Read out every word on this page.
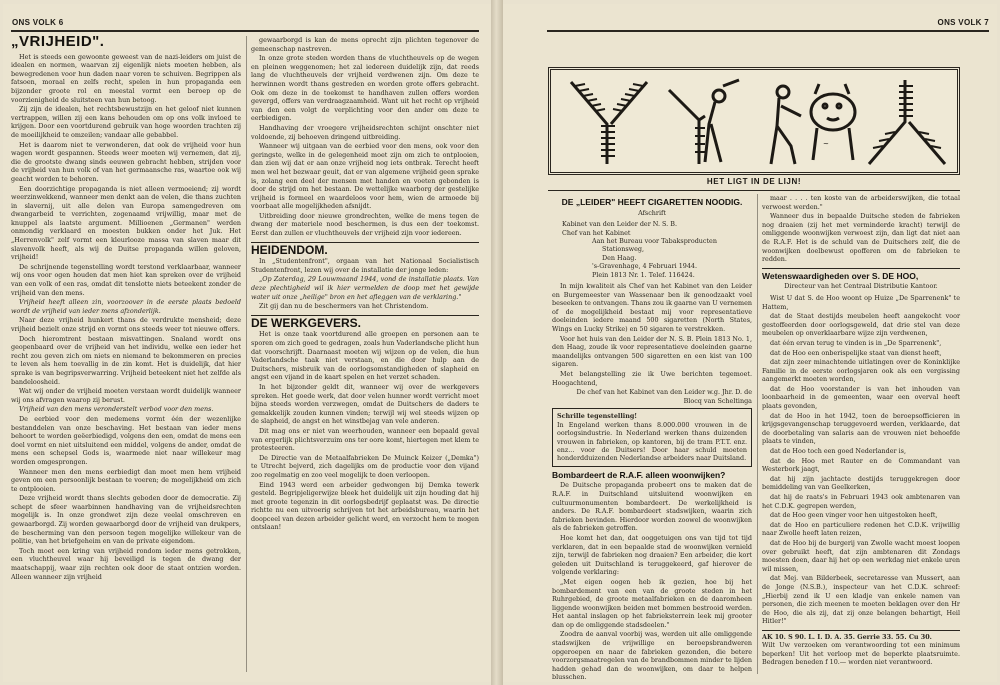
ONS VOLK 6
„VRIJHEID".

Het is steeds een gewoonte geweest van de nazi-leiders om juist de idealen en normen, waarvan zij eigenlijk niets moeten hebben, als bewegredenen voor hun daden naar voren te schuiven. Begrippen als fatsoen, moraal en zelfs recht, spelen in hun propaganda een bijzonder groote rol en meestal vormt een beroep op de voorzienigheid de sluitsteen van hun betoog.

Zij zijn de idealen, het rechtsbewustzijn en het geloof niet kunnen vertrappen, willen zij een kans behouden om op ons volk invloed te krijgen. Door een voortdurend gebruik van hoge woorden trachten zij de moeilijkheid te omzeilen; vandaar alle gebabbel.

Het is daarom niet te verwonderen, dat ook de vrijheid voor hun wagen wordt gespannen. Steeds weer moeten wij vernemen, dat zij, die de grootste dwang sinds eeuwen gebracht hebben, strijden voor de vrijheid van hun volk of van het germaansche ras, waartoe ook wij geacht worden te behoren.

Een doorzichtige propaganda is niet alleen vermoeiend; zij wordt weerzinwekkend, wanneer men denkt aan de velen, die thans zuchten in slavernij, uit alle delen van Europa samengedreven om dwangarbeid te verrichten, zogenaamd vrijwillig, maar met de knuppel als laatste argument. Millioenen „Germanen" werden onmondig verklaard en moesten bukken onder het Juk. Het „Herrenvolk" zelf vormt een kleurlooze massa van slaven maar dit slavenvolk heeft, als wij de Duitse propaganda willen geloven, vrijheid!

De schrijnende tegenstelling wordt terstond verklaarbaar, wanneer wij ons voor ogen houden dat men hiet kan spreken over de vrijheid van een volk of een ras, omdat dit tenslotte niets beteekent zonder de vrijheid van den mens.

Vrijheid heeft alleen zin, voorzoover in de eerste plaats bedoeld wordt de vrijheid van ieder mens afzonderlijk.

Naar deze vrijheid hunkert thans de verdrukte mensheid; deze vrijheid bezielt onze strijd en vormt ons steeds weer tot nieuwe offers.

Doch hieromtrent bestaan misvattingen. Snaland wordt ons geopenbaard over de vrijheid van het individu, welke een ieder het recht zou geven zich om niets en niemand te bekommeren en precies te leven als hem toevallig in de zin komt. Het is duidelijk, dat hier sprake is van begripsverwarring. Vrijheid beteekent niet het zelfde als bandeloosheid.

Wat wij onder de vrijheid moeten verstaan wordt duidelijk wanneer wij ons afvragen waarop zij berust.

Vrijheid van den mens veronderstelt verbod voor den mens.

De eerbied voor den medemens vormt één der wezenlijke bestanddelen van onze beschaving. Het bestaan van ieder mens behoort te worden geëerbiedigd, volgens den een, omdat de mens een doel vormt en niet uitsluitend een middel, volgens de ander, omdat de mens een schepsel Gods is, waarmede niet naar willekeur mag worden omgesprongen.

Wanneer men den mens eerbiedigt dan moet men hem vrijheid geven om een persoonlijk bestaan te voeren; de mogelijkheid om zich te ontplooien.

Deze vrijheid wordt thans slechts geboden door de democratie. Zij schept de sfeer waarbinnen handhaving van de vrijheidsrechten mogelijk is. In onze grondwet zijn deze veelal omschreven en gewaarborgd. Zij worden gewaarborgd door de vrijheid van drukpers, de bescherming van den persoon tegen mogelijke willekeur van de politie, van het briefgeheim en van de private eigendom.

Toch moet een kring van vrijheid rondom ieder mens getrokken, een vluchtheuvel waar hij beveiligd is tegen de dwang der maatschappij, waar zijn rechten ook door de staat ontzien worden. Alleen wanneer zijn vrijheid

gewaarborgd is kan de mens oprecht zijn plichten tegenover de gemeenschap nastreven.

In onze grote steden worden thans de vluchtheuvels op de wegen en pleinen weggenomen; het zal iedereen duidelijk zijn, dat reeds lang de vluchtheuvels der vrijheid verdwenen zijn. Om deze te herwinnen wordt thans gestreden en worden grote offers gebracht. Ook om deze in de toekomst te handhaven zullen offers worden gevergd, offers van verdraagzaamheid. Want uit het recht op vrijheid van den een volgt de verplichting voor den ander om deze te eerbiedigen.

Handhaving der vroegere vrijheidsrechten schijnt onschter niet voldoende, zij behoeven dringend uitbreiding.

Wanneer wij uitgaan van de eerbied voor den mens, ook voor den geringste, welke in de gelegenheid moet zijn om zich te ontplooien, dan zien wij dat er aan onze vrijheid nog iets ontbrak. Terecht heeft men wel het bezwaar geuit, dat er van algemene vrijheid geen sprake is, zolang een deel der mensen met handen en voeten gebonden is door de strijd om het bestaan. De wettelijke waarborg der gestelijke vrijheid is formeel en waardeloos voor hem, wien de armoede bij voorbaat alle mogelijkheden afsnijdt.

Uitbreiding door nieuwe grondrechten, welke de mens tegen de dwang der materiele nood beschermen, is dus een der toekomst. Eerst dan zullen er vluchtheuvels der vrijheid zijn voor iedereen.

HEIDENDOM.

In „Studentenfront", orgaan van het Nationaal Socialistisch Studentenfront, lezen wij over de installatie der jonge leden:

„Op Zaterdag, 29 Louwmaand 1944, vond de installatie plaats. Van deze plechtigheid wil ik hier vermelden de doop met het gewijde water uit onze „heilige" bron en het afleggen van de verklaring."

Zit gij dan nu de beschermers van het Christendom.

DE WERKGEVERS.

Het is onze taak voortdurend alle groepen en personen aan te sporen om zich goed te gedragen, zoals hun Vaderlandsche plicht hun dat voorschrijft. Daarnaast moeten wij wijzen op de velen, die hun Vaderlandsche taak niet verstaan, en die door hulp aan de Duitschers, misbruik van de oorlogsomstandigheden of slapheid en angst een vijand in de kaart spelen en het verzet schaden.

In het bijzonder geldt dit, wanneer wij over de werkgevers spreken. Het goede werk, dat door velen hunner wordt verricht moet bijna steeds worden verzwegen, omdat de Duitschers de daders te gemakkelijk zouden kunnen vinden; terwijl wij wel steeds wijzen op de slapheid, de angst en het winstbejag van vele anderen.

Dit mag ons er niet van weerhouden, wanneer een bepaald geval van ergerlijk plichtsverzuim ons ter oore komt, hiertegen met klem te protesteeren.

De Directie van de Metaalfabrieken De Muinck Keizer („Demka") te Utrecht bejverd, zich dagelijks om de productie voor den vijand zoo regelmatig en zoo veel mogelijk te doen verloopen.

Eind 1943 werd een arbeider gedwongen bij Demka tewerk gesteld. Begripjeligerwijze bleek het duidelijk uit zijn houding dat hij met groote tegenzin in dit oorlogsbedrijf geplaatst was. De directie richtte nu een uitvoerig schrijven tot het arbeidsbureau, waarin het doopceel van dezen arbeider gelicht werd, en verzocht hem te mogen ontslaan!

ONS VOLK 7
~
HET LIGT IN DE LIJN!
DE „LEIDER" HEEFT CIGARETTEN NOODIG.
Afschrift
Kabinet van den Leider der N. S. B.
Chef van het Kabinet
Aan het Bureau voor Tabaksproducten
Stationsweg,
Den Haag.
's-Gravenhage, 4 Februari 1944.
Plein 1813 Nr. 1. Telef. 116424.

In mijn kwaliteit als Chef van het Kabinet van den Leider en Burgemeester van Wassenaar ben ik genoodzaakt voel beseeken te ontvangen. Thans zou ik gaarne van U vernemen of de mogelijkheid bestaat mij voor representatieve doeleinden iedere maand 500 sigaretten (North States, Wings en Lucky Strike) en 50 sigaren te verstrekken.

Voor het huis van den Leider der N. S. B. Plein 1813 No. 1, den Haag, zoude ik voor representatieve doeleinden gaarne maandelijks ontvangen 500 sigaretten en een kist van 100 sigaren.

Met belangstelling zie ik Uwe berichten tegemoet. Hoogachtend,

De chef van het Kabinet van den Leider w.g. Jhr. D. de Blocq van Scheltinga

Schrille tegenstelling!
In Engeland werken thans 8.000.000 vrouwen in de oorlogsindustrie. In Nederland werken thans duizenden vrouwen in fabrieken, op kantoren, bij de tram P.T.T. enz. enz... voor de Duitsers! Door haar schuld moeten honderdduizenden Nederlandse arbeiders naar Duitsland.
Bombardeert de R.A.F. alleen woonwijken?

De Duitsche propaganda probeert ons te maken dat de R.A.F. in Duitschland uitsluitend woonwijken en cultuurmonumenten bombardeert. De werkelijkheid is anders. De R.A.F. bombardeert stadswijken, waarin zich fabrieken bevinden. Hierdoor worden zoowel de woonwijken als de fabrieken getroffen.

Hoe komt het dan, dat ooggetuigen ons van tijd tot tijd verklaren, dat in een bepaalde stad de woonwijken vernield zijn, terwijl de fabrieken nog draaien? Een arbeider, die kort geleden uit Duitschland is teruggekeerd, gaf hierover de volgende verklaring:

„Met eigen oogen heb ik gezien, hoe bij het bombardement van een van de groote steden in het Ruhrgebied, de groote metaalfabrieken en de daaromheen liggende woonwijken beiden met bommen bestrooid werden. Het aantal inslagen op het fabrieksterrein leek mij grooter dan op de omliggende stadsdeelen."

Zoodra de aanval voorbij was, werden uit alle omliggende stadswijken de vrijwillige en beroepsbrandweren opgeroepen en naar de fabrieken gezonden, die betere voorzorgsmaatregelen van de brandbommen minder te lijden hadden gehad dan de woonwijken, om daar te helpen blusschen.

maar . . . . ten koste van de arbeiderswijken, die totaal verwoest werden."

Wanneer dus in bepaalde Duitsche steden de fabrieken nog draaien (zij het met verminderde kracht) terwijl de omliggende woonwijken verwoest zijn, dan ligt dat niet aan de R.A.F. Het is de schuld van de Duitschers zelf, die de woonwijken doelbewust opofferen om de fabrieken te redden.

Wetenswaardigheden over S. DE HOO,
Directeur van het Centraal Distributie Kantoor.

Wist U dat S. de Hoo woont op Huize „De Sparrenenk" te Hattem,

dat de Staat destijds meubelen heeft aangekocht voor gestoffeerden door oorlogsgeweld, dat drie stel van deze meubelen op onverklaarbare wijze zijn verdwenen,

dat één ervan terug te vinden is in „De Sparrenenk",

dat de Hoo een onberispelijke staat van dienst heeft,

dat zijn zeer minachtende uitlatingen over de Koninklijke Familie in de eerste oorlogsjaren ook als een vergissing aangemerkt moeten worden,

dat de Hoo voorstander is van het inhouden van loonbaarheid in de gemeenten, waar een overval heeft plaats gevonden,

dat de Hoo in het 1942, toen de beroepsofficieren in krijgsgevangenschap teruggevoerd werden, verklaarde, dat de doorbetaling van salaris aan de vrouwen niet behoefde plaats te vinden,

dat de Hoo toch een goed Nederlander is,

dat de Hoo met Rauter en de Commandant van Westerbork jaagt,

dat hij zijn jachtacte destijds teruggekregen door bemiddeling van van Geelkerken,

dat hij de raats's in Februari 1943 ook ambtenaren van het C.D.K. gegrepen werden,

dat de Hoo geen vinger voor hen uitgestoken heeft,

dat de Hoo en particuliere redenen het C.D.K. vrijwillig naar Zwolle heeft laten reizen,

dat de Hoo bij de burgerij van Zwolle wacht moest loopen over gebruikt heeft, dat zijn ambtenaren dit Zondags moesten doen, daar hij het op een werkdag niet enkele uren wil missen,

dat Mej. van Bilderbeek, secretaresse van Mussert, aan de Jonge (N.S.B.), inspecteur van het C.D.K. schreef: „Hierbij zend ik U een kladje van enkele namen van personen, die zich meenen te moeten beklagen over den Hr de Hoo, die als zij, dat zij onze belangen behartigt, Heil Hitler!"

AK 10. S 90. L. I. D. A. 35. Gerrie 33. 55. Cu 30.
Wilt Uw verzoeken om verantwoording tot een minimum beperken! Uit het verloop met de beperkte plaatsruimte. Bedragen beneden f 10.— worden niet verantwoord.
